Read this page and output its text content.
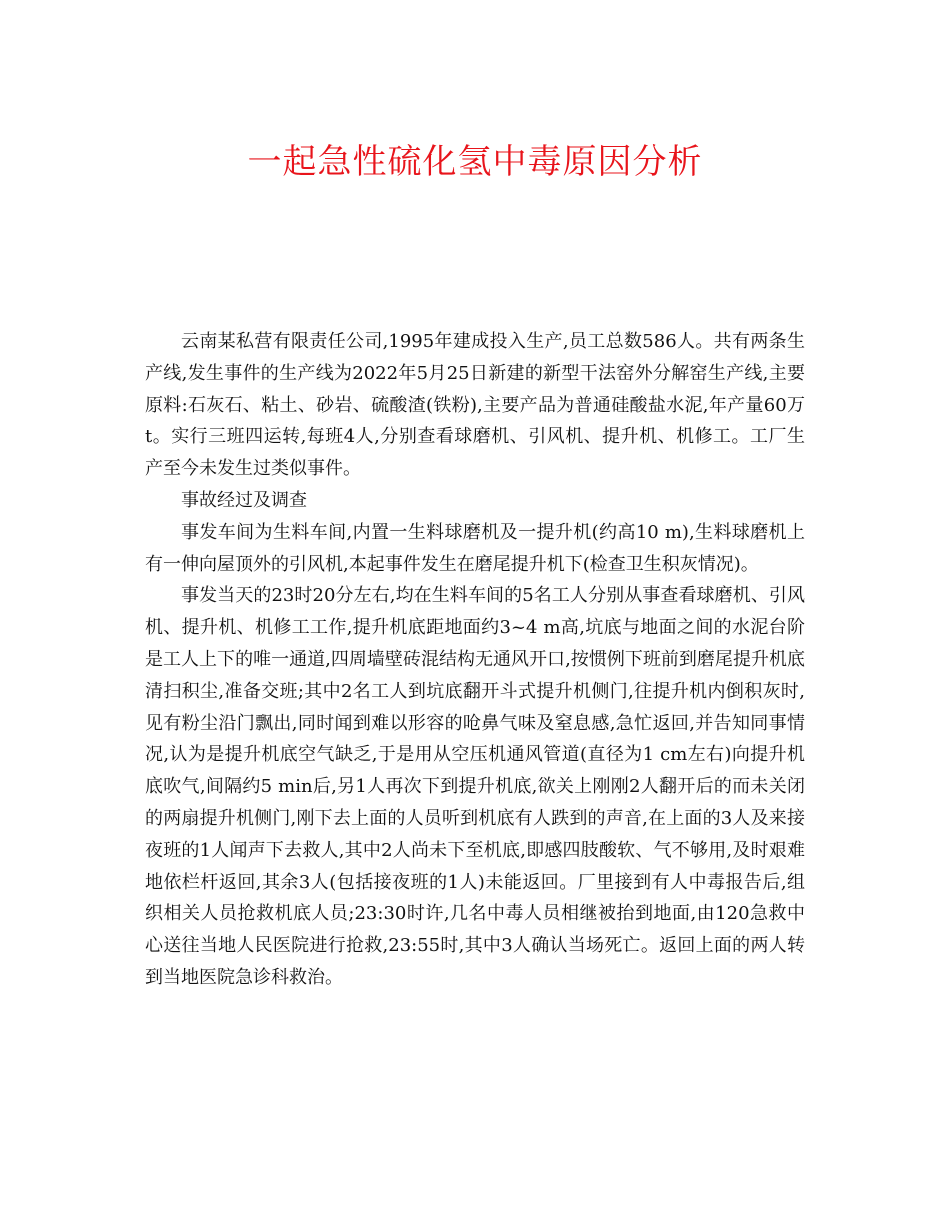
一起急性硫化氢中毒原因分析

云南某私营有限责任公司,1995年建成投入生产,员工总数586人。共有两条生产线,发生事件的生产线为2022年5月25日新建的新型干法窑外分解窑生产线,主要原料:石灰石、粘土、砂岩、硫酸渣(铁粉),主要产品为普通硅酸盐水泥,年产量60万t。实行三班四运转,每班4人,分别查看球磨机、引风机、提升机、机修工。工厂生产至今未发生过类似事件。

事故经过及调查

事发车间为生料车间,内置一生料球磨机及一提升机(约高10 m),生料球磨机上有一伸向屋顶外的引风机,本起事件发生在磨尾提升机下(检查卫生积灰情况)。

事发当天的23时20分左右,均在生料车间的5名工人分别从事查看球磨机、引风机、提升机、机修工工作,提升机底距地面约3~4 m高,坑底与地面之间的水泥台阶是工人上下的唯一通道,四周墙壁砖混结构无通风开口,按惯例下班前到磨尾提升机底清扫积尘,准备交班;其中2名工人到坑底翻开斗式提升机侧门,往提升机内倒积灰时,见有粉尘沿门飘出,同时闻到难以形容的呛鼻气味及窒息感,急忙返回,并告知同事情况,认为是提升机底空气缺乏,于是用从空压机通风管道(直径为1 cm左右)向提升机底吹气,间隔约5 min后,另1人再次下到提升机底,欲关上刚刚2人翻开后的而未关闭的两扇提升机侧门,刚下去上面的人员听到机底有人跌到的声音,在上面的3人及来接夜班的1人闻声下去救人,其中2人尚未下至机底,即感四肢酸软、气不够用,及时艰难地依栏杆返回,其余3人(包括接夜班的1人)未能返回。厂里接到有人中毒报告后,组织相关人员抢救机底人员;23:30时许,几名中毒人员相继被抬到地面,由120急救中心送往当地人民医院进行抢救,23:55时,其中3人确认当场死亡。返回上面的两人转到当地医院急诊科救治。
